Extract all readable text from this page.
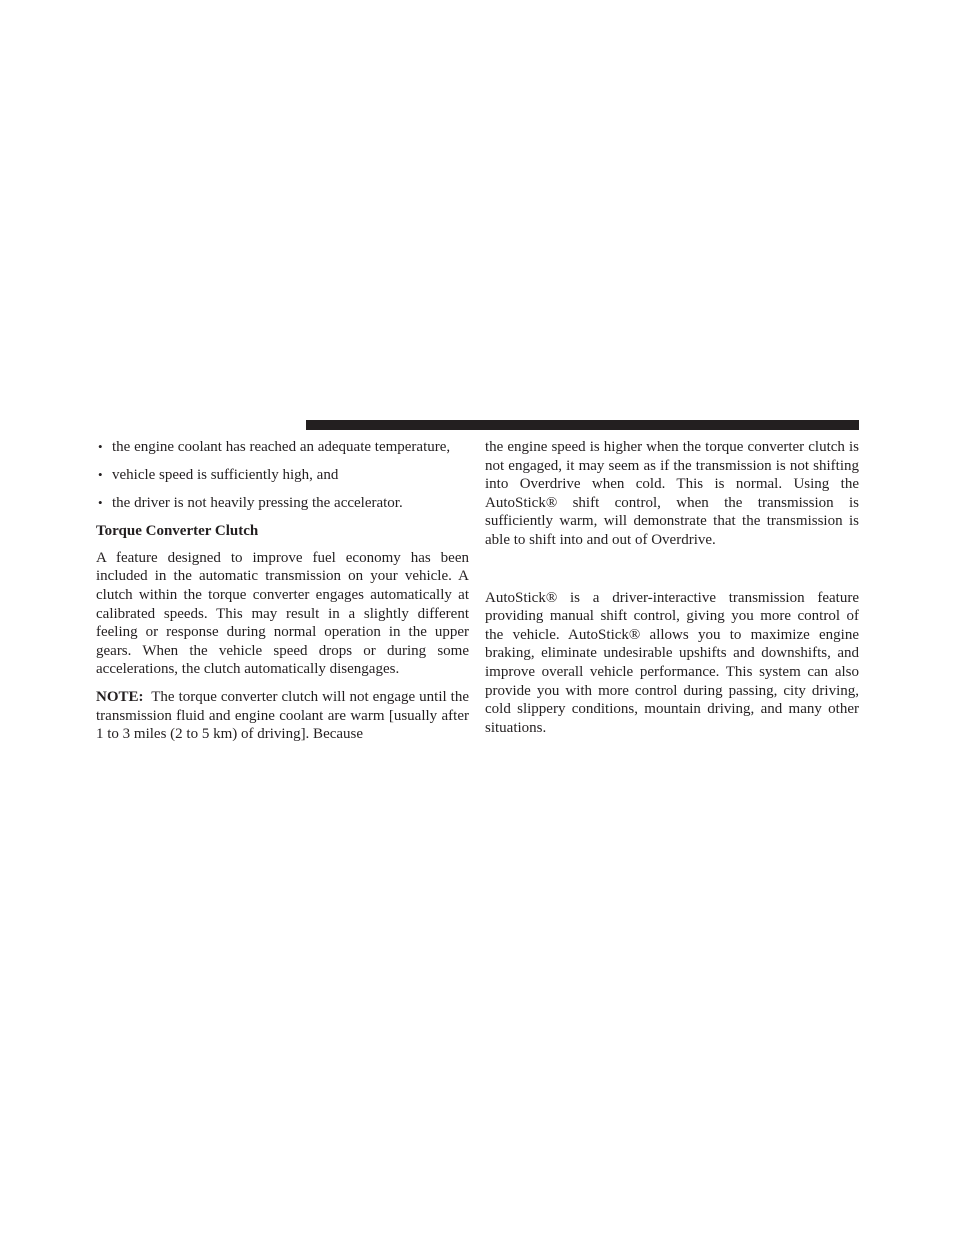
• the engine coolant has reached an adequate temperature,
• vehicle speed is sufficiently high, and
• the driver is not heavily pressing the accelerator.
Torque Converter Clutch

A feature designed to improve fuel economy has been included in the automatic transmission on your vehicle. A clutch within the torque converter engages automatically at calibrated speeds. This may result in a slightly different feeling or response during normal operation in the upper gears. When the vehicle speed drops or during some accelerations, the clutch automatically disengages.

NOTE: The torque converter clutch will not engage until the transmission fluid and engine coolant are warm [usually after 1 to 3 miles (2 to 5 km) of driving]. Because

the engine speed is higher when the torque converter clutch is not engaged, it may seem as if the transmission is not shifting into Overdrive when cold. This is normal. Using the AutoStick® shift control, when the transmission is sufficiently warm, will demonstrate that the transmission is able to shift into and out of Overdrive.

AutoStick® is a driver-interactive transmission feature providing manual shift control, giving you more control of the vehicle. AutoStick® allows you to maximize engine braking, eliminate undesirable upshifts and downshifts, and improve overall vehicle performance. This system can also provide you with more control during passing, city driving, cold slippery conditions, mountain driving, and many other situations.
